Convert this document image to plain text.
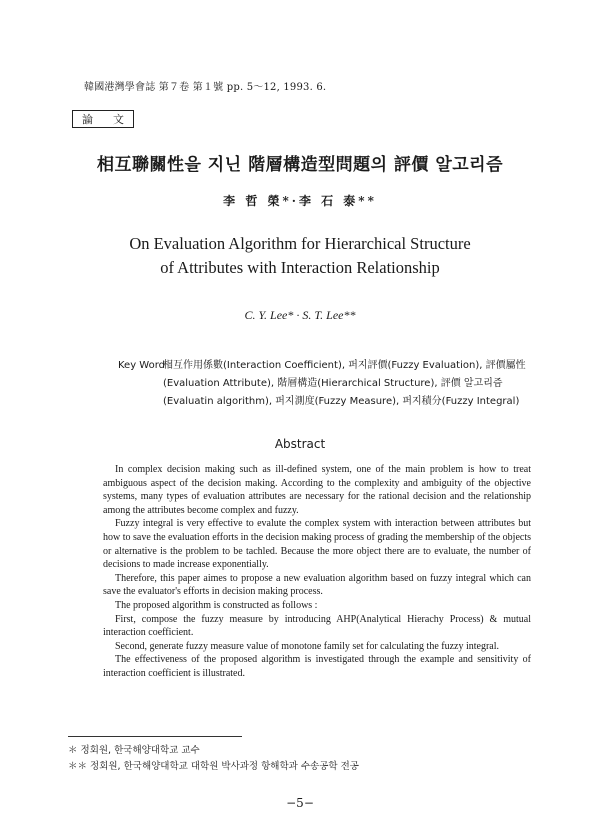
韓國港灣學會誌 第７卷 第１號 pp. 5～12, 1993. 6.
論 文
相互聯關性을 지닌 階層構造型問題의 評價 알고리즘
李 哲 榮*·李 石 泰**
On Evaluation Algorithm for Hierarchical Structure
of Attributes with Interaction Relationship
C. Y. Lee* · S. T. Lee**
Key Word :
相互作用係數(Interaction Coefficient), 퍼지評價(Fuzzy Evaluation), 評價屬性(Evaluation Attribute), 階層構造(Hierarchical Structure), 評價 알고리즘(Evaluatin algorithm), 퍼지測度(Fuzzy Measure), 퍼지積分(Fuzzy Integral)
Abstract

In complex decision making such as ill-defined system, one of the main problem is how to treat ambiguous aspect of the decision making. According to the complexity and ambiguity of the objective systems, many types of evaluation attributes are necessary for the rational decision and the relationship among the attributes become complex and fuzzy.

Fuzzy integral is very effective to evalute the complex system with interaction between attributes but how to save the evaluation efforts in the decision making process of grading the membership of the objects or alternative is the problem to be tachled. Because the more object there are to evaluate, the number of decisions to made increase exponentially.

Therefore, this paper aimes to propose a new evaluation algorithm based on fuzzy integral which can save the evaluator's efforts in decision making process.

The proposed algorithm is constructed as follows :

First, compose the fuzzy measure by introducing AHP(Analytical Hierachy Process) & mutual interaction coefficient.

Second, generate fuzzy measure value of monotone family set for calculating the fuzzy integral.

The effectiveness of the proposed algorithm is investigated through the example and sensitivity of interaction coefficient is illustrated.

＊ 정회원, 한국해양대학교 교수
＊＊ 정회원, 한국해양대학교 대학원 박사과정 항해학과 수송공학 전공
−5−
